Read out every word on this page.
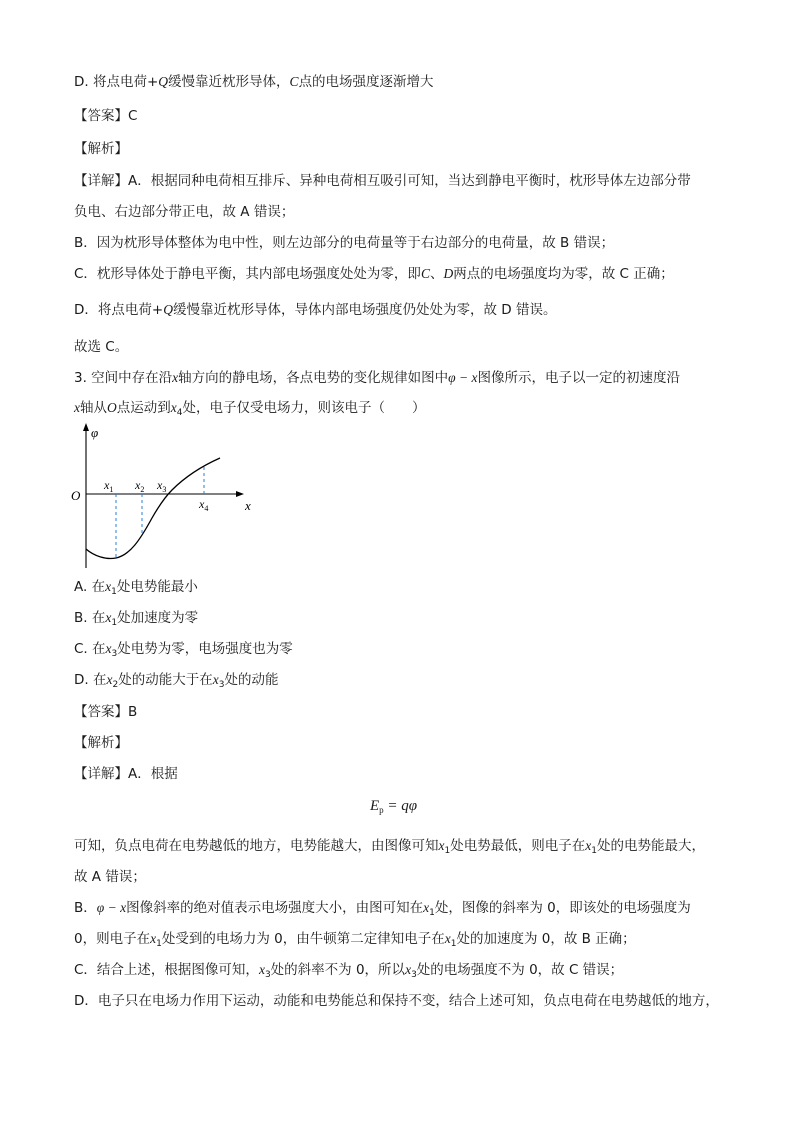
D. 将点电荷+Q缓慢靠近枕形导体，C点的电场强度逐渐增大
【答案】C
【解析】
【详解】A．根据同种电荷相互排斥、异种电荷相互吸引可知，当达到静电平衡时，枕形导体左边部分带
负电、右边部分带正电，故 A 错误；
B．因为枕形导体整体为电中性，则左边部分的电荷量等于右边部分的电荷量，故 B 错误；
C．枕形导体处于静电平衡，其内部电场强度处处为零，即C、D两点的电场强度均为零，故 C 正确；
D．将点电荷+Q缓慢靠近枕形导体，导体内部电场强度仍处处为零，故 D 错误。
故选 C。
3. 空间中存在沿x轴方向的静电场，各点电势的变化规律如图中φ − x图像所示，电子以一定的初速度沿
x轴从O点运动到$x_4$处，电子仅受电场力，则该电子（　　）
φ
x
O
$x_1$ $x_2$ $x_3$
$x_4$
A. 在$x_1$处电势能最小
B. 在$x_1$处加速度为零
C. 在$x_3$处电势为零，电场强度也为零
D. 在$x_2$处的动能大于在$x_3$处的动能
【答案】B
【解析】
【详解】A．根据
$E_p = q\varphi$
可知，负点电荷在电势越低的地方，电势能越大，由图像可知$x_1$处电势最低，则电子在$x_1$处的电势能最大，
故 A 错误；
B．φ − x图像斜率的绝对值表示电场强度大小，由图可知在$x_1$处，图像的斜率为 0，即该处的电场强度为
0，则电子在$x_1$处受到的电场力为 0，由牛顿第二定律知电子在$x_1$处的加速度为 0，故 B 正确；
C．结合上述，根据图像可知，$x_3$处的斜率不为 0，所以$x_3$处的电场强度不为 0，故 C 错误；
D．电子只在电场力作用下运动，动能和电势能总和保持不变，结合上述可知，负点电荷在电势越低的地方，
